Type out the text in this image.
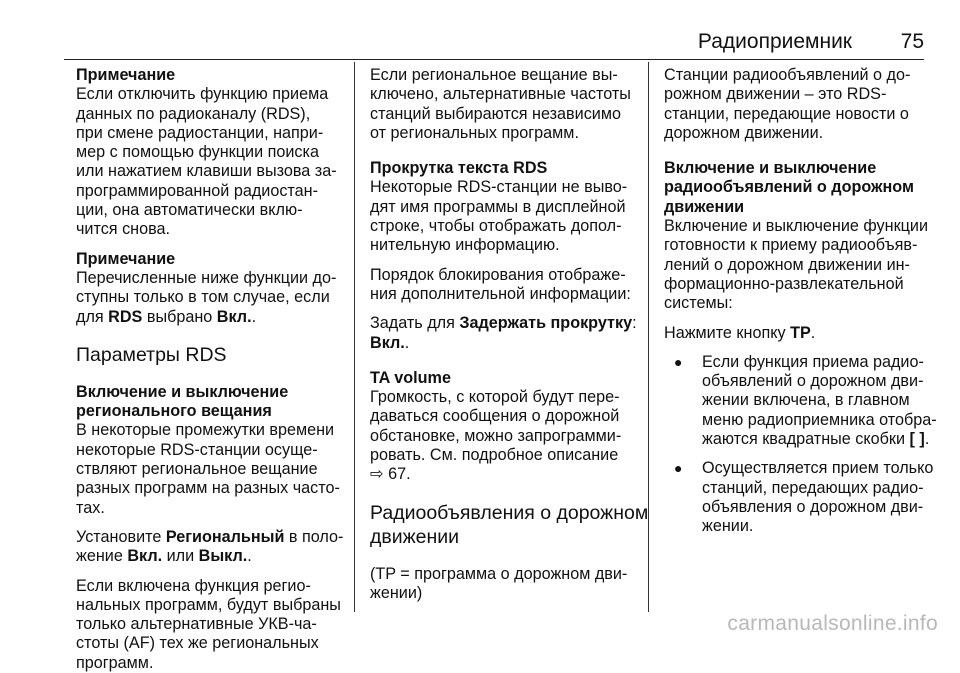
Радиоприемник 75
Примечание
Если отключить функцию приема
данных по радиоканалу (RDS),
при смене радиостанции, напри-
мер с помощью функции поиска
или нажатием клавиши вызова за-
программированной радиостан-
ции, она автоматически вклю-
чится снова.
Примечание
Перечисленные ниже функции до-
ступны только в том случае, если
для RDS выбрано Вкл..
Параметры RDS
Включение и выключение
регионального вещания
В некоторые промежутки времени
некоторые RDS-станции осуще-
ствляют региональное вещание
разных программ на разных часто-
тах.
Установите Региональный в поло-
жение Вкл. или Выкл..
Если включена функция регио-
нальных программ, будут выбраны
только альтернативные УКВ-ча-
стоты (AF) тех же региональных
программ.
Если региональное вещание вы-
ключено, альтернативные частоты
станций выбираются независимо
от региональных программ.
Прокрутка текста RDS
Некоторые RDS-станции не выво-
дят имя программы в дисплейной
строке, чтобы отображать допол-
нительную информацию.
Порядок блокирования отображе-
ния дополнительной информации:
Задать для Задержать прокрутку:
Вкл..
TA volume
Громкость, с которой будут пере-
даваться сообщения о дорожной
обстановке, можно запрограмми-
ровать. См. подробное описание
⇨ 67.
Радиообъявления о дорожном
движении
(TP = программа о дорожном дви-
жении)
Станции радиообъявлений о до-
рожном движении – это RDS-
станции, передающие новости о
дорожном движении.
Включение и выключение
радиообъявлений о дорожном
движении
Включение и выключение функции
готовности к приему радиообъяв-
лений о дорожном движении ин-
формационно-развлекательной
системы:
Нажмите кнопку TP.
● Если функция приема радио-
объявлений о дорожном дви-
жении включена, в главном
меню радиоприемника отобра-
жаются квадратные скобки [ ].
● Осуществляется прием только
станций, передающих радио-
объявления о дорожном дви-
жении.
carmanualsonline.info
